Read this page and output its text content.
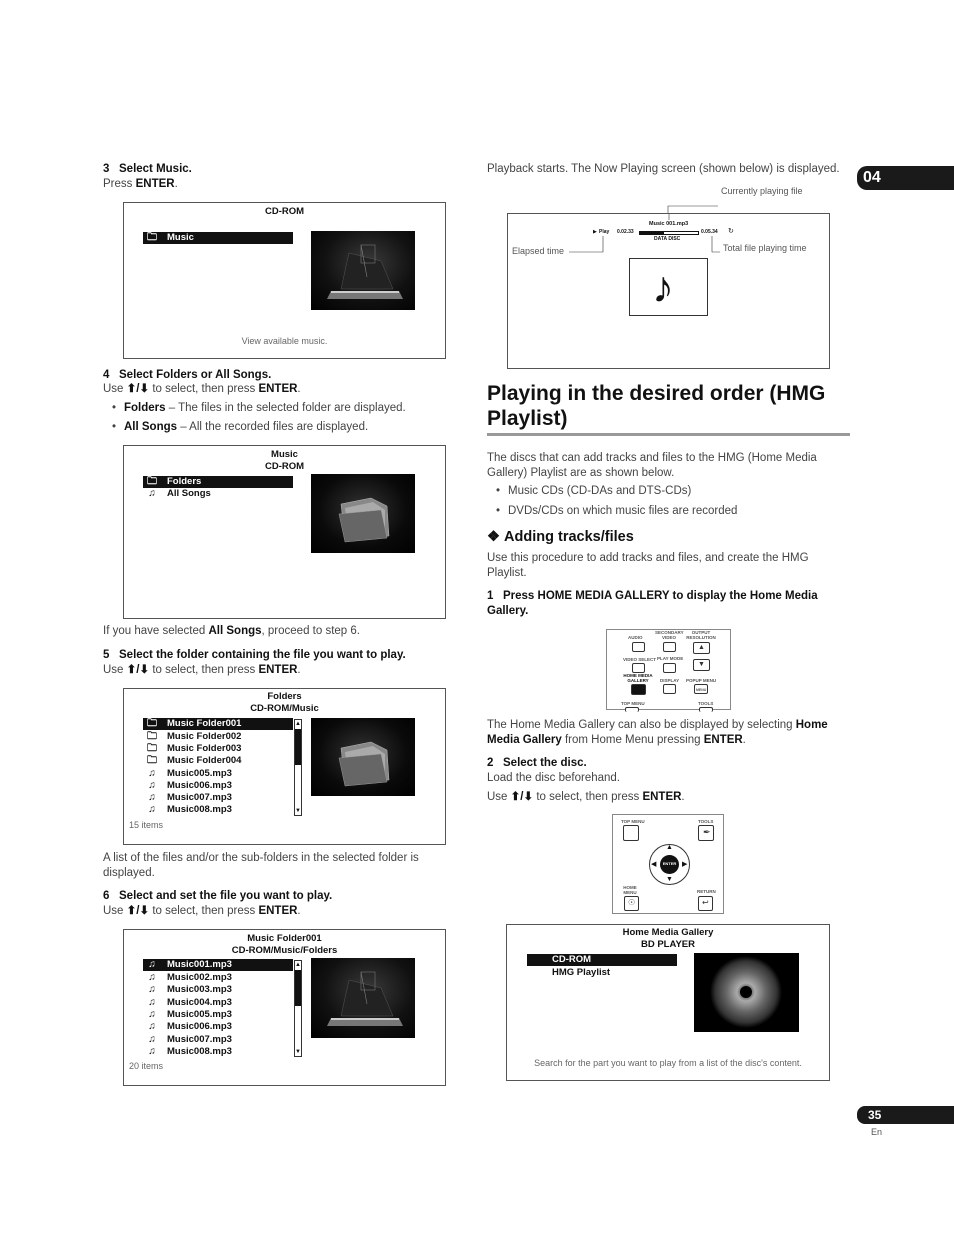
04
3 Select Music.
Press ENTER.
CD-ROM
🗀 Music
View available music.
4 Select Folders or All Songs.
Use ⬆/⬇ to select, then press ENTER.
• Folders – The files in the selected folder are displayed.
• All Songs – All the recorded files are displayed.
Music
CD-ROM
🗀 Folders
♫ All Songs
If you have selected All Songs, proceed to step 6.
5 Select the folder containing the file you want to play.
Use ⬆/⬇ to select, then press ENTER.
Folders
CD-ROM/Music
🗀 Music Folder001
🗀 Music Folder002
🗀 Music Folder003
🗀 Music Folder004
♫ Music005.mp3
♫ Music006.mp3
♫ Music007.mp3
♫ Music008.mp3
▲
▼
15 items
A list of the files and/or the sub-folders in the selected folder is displayed.
6 Select and set the file you want to play.
Use ⬆/⬇ to select, then press ENTER.
Music Folder001
CD-ROM/Music/Folders
♫ Music001.mp3
♫ Music002.mp3
♫ Music003.mp3
♫ Music004.mp3
♫ Music005.mp3
♫ Music006.mp3
♫ Music007.mp3
♫ Music008.mp3
▲
▼
20 items
Playback starts. The Now Playing screen (shown below) is displayed.
Music 001.mp3
▶ Play 0.02.33	0.05.34 ↻
DATA DISC
♪
Elapsed time	Total file playing time
Currently playing file
Playing in the desired order (HMG Playlist)
The discs that can add tracks and files to the HMG (Home Media Gallery) Playlist are as shown below.
• Music CDs (CD-DAs and DTS-CDs)
• DVDs/CDs on which music files are recorded
❖ Adding tracks/files
Use this procedure to add tracks and files, and create the HMG Playlist.
1 Press HOME MEDIA GALLERY to display the Home Media Gallery.
AUDIO
SECONDARY VIDEO
OUTPUT RESOLUTION
▲
VIDEO SELECT PLAY MODE
▼
HOME MEDIA GALLERY	DISPLAY POPUP MENU
MENU
TOP MENU	TOOLS
The Home Media Gallery can also be displayed by selecting Home Media Gallery from Home Menu pressing ENTER.
2 Select the disc.
Load the disc beforehand.
Use ⬆/⬇ to select, then press ENTER.
TOP MENU	TOOLS
✒
▲
▼
◀	▶
ENTER
HOME MENU	RETURN
☉	↩
Home Media Gallery
BD PLAYER
CD-ROM
HMG Playlist
Search for the part you want to play from a list of the disc's content.
35
En
